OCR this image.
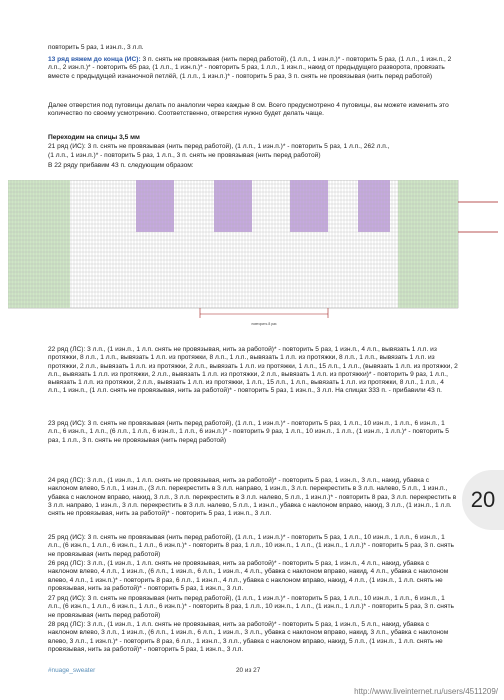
повторить 5 раз, 1 изн.п., 3 л.п.
13 ряд вяжем до конца (ИС): 3 п. снять не провязывая (нить перед работой), (1 л.п., 1 изн.п.)* - повторить 5 раз, (1 л.п., 1 изн.п., 2 л.п., 2 изн.п.)* - повторить 65 раз, (1 л.п., 1 изн.п.)* - повторить 5 раз, 1 л.п., 1 изн.п., накид от предыдущего разворота, провязать вместе с предыдущей изнаночной петлёй, (1 л.п., 1 изн.п.)* - повторить 5 раз, 3 п. снять не провязывая (нить перед работой)
Далее отверстия под пуговицы делать по аналогии через каждые 8 см. Всего предусмотрено 4 пуговицы, вы можете изменить это количество по своему усмотрению. Соответственно, отверстия нужно будет делать чаще.
Переходим на спицы 3,5 мм
21 ряд (ИС): 3 п. снять не провязывая (нить перед работой), (1 л.п., 1 изн.п.)* - повторить 5 раз, 1 л.п., 262 л.п.,
(1 л.п., 1 изн.п.)* - повторить 5 раз, 1 л.п., 3 п. снять не провязывая (нить перед работой)
В 22 ряду прибавим 43 п. следующим образом:
повторить 8 раз
22 ряд (ЛС): 3 л.п., (1 изн.п., 1 л.п. снять не провязывая, нить за работой)* - повторить 5 раз, 1 изн.п., 4 л.п., вывязать 1 л.п. из протяжки, 8 л.п., 1 л.п., вывязать 1 л.п. из протяжки, 8 л.п., 1 л.п., вывязать 1 л.п. из протяжки, 8 л.п., 1 л.п., вывязать 1 л.п. из протяжки, 2 л.п., вывязать 1 л.п. из протяжки, 2 л.п., вывязать 1 л.п. из протяжки, 1 л.п., 15 л.п., 1 л.п., (вывязать 1 л.п. из протяжки, 2 л.п., вывязать 1 л.п. из протяжки, 2 л.п., вывязать 1 л.п. из протяжки, 2 л.п., вывязать 1 л.п. из протяжки)* - повторить 9 раз, 1 л.п., вывязать 1 л.п. из протяжки, 2 л.п., вывязать 1 л.п. из протяжки, 1 л.п., 15 л.п., 1 л.п., вывязать 1 л.п. из протяжки, 8 л.п., 1 л.п., 4 л.п., 1 изн.п., (1 л.п. снять не провязывая, нить за работой)* - повторить 5 раз, 1 изн.п., 3 л.п. На спицах 333 п. - прибавили 43 п.
23 ряд (ИС): 3 п. снять не провязывая (нить перед работой), (1 л.п., 1 изн.п.)* - повторить 5 раз, 1 л.п., 10 изн.п., 1 л.п., 6 изн.п., 1 л.п., 6 изн.п., 1 л.п., (6 л.п., 1 л.п., 6 изн.п., 1 л.п., 6 изн.п.)* - повторить 9 раз, 1 л.п., 10 изн.п., 1 л.п., (1 изн.п., 1 л.п.)* - повторить 5 раз, 1 л.п., 3 п. снять не провязывая (нить перед работой)
24 ряд (ЛС): 3 л.п., (1 изн.п., 1 л.п. снять не провязывая, нить за работой)* - повторить 5 раз, 1 изн.п., 3 л.п., накид, убавка с наклоном влево, 5 л.п., 1 изн.п., (3 л.п. перекрестить в 3 л.п. направо, 1 изн.п., 3 л.п. перекрестить в 3 л.п. налево, 5 л.п., 1 изн.п., убавка с наклоном вправо, накид, 3 л.п., 3 л.п. перекрестить в 3 л.п. налево, 5 л.п., 1 изн.п.)* - повторить 8 раз, 3 л.п. перекрестить в 3 л.п. направо, 1 изн.п., 3 л.п. перекрестить в 3 л.п. налево, 5 л.п., 1 изн.п., убавка с наклоном вправо, накид, 3 л.п., (1 изн.п., 1 л.п. снять не провязывая, нить за работой)* - повторить 5 раз, 1 изн.п., 3 л.п.
25 ряд (ИС): 3 п. снять не провязывая (нить перед работой), (1 л.п., 1 изн.п.)* - повторить 5 раз, 1 л.п., 10 изн.п., 1 л.п., 6 изн.п., 1 л.п., (6 изн.п., 1 л.п., 6 изн.п., 1 л.п., 6 изн.п.)* - повторить 8 раз, 1 л.п., 10 изн.п., 1 л.п., (1 изн.п., 1 л.п.)* - повторить 5 раз, 3 п. снять не провязывая (нить перед работой)
26 ряд (ЛС): 3 л.п., (1 изн.п., 1 л.п. снять не провязывая, нить за работой)* - повторить 5 раз, 1 изн.п., 4 л.п., накид, убавка с наклоном влево, 4 л.п., 1 изн.п., (6 л.п., 1 изн.п., 6 л.п., 1 изн.п., 4 л.п., убавка с наклоном вправо, накид, 4 л.п., убавка с наклоном влево, 4 л.п., 1 изн.п.)* - повторить 8 раз, 6 л.п., 1 изн.п., 4 л.п., убавка с наклоном вправо, накид, 4 л.п., (1 изн.п., 1 л.п. снять не провязывая, нить за работой)* - повторить 5 раз, 1 изн.п., 3 л.п.
27 ряд (ИС): 3 п. снять не провязывая (нить перед работой), (1 л.п., 1 изн.п.)* - повторить 5 раз, 1 л.п., 10 изн.п., 1 л.п., 6 изн.п., 1 л.п., (6 изн.п., 1 л.п., 6 изн.п., 1 л.п., 6 изн.п.)* - повторить 8 раз, 1 л.п., 10 изн.п., 1 л.п., (1 изн.п., 1 л.п.)* - повторить 5 раз, 3 п. снять не провязывая (нить перед работой)
28 ряд (ЛС): 3 л.п., (1 изн.п., 1 л.п. снять не провязывая, нить за работой)* - повторить 5 раз, 1 изн.п., 5 л.п., накид, убавка с наклоном влево, 3 л.п., 1 изн.п., (6 л.п., 1 изн.п., 6 л.п., 1 изн.п., 3 л.п., убавка с наклоном вправо, накид, 3 л.п., убавка с наклоном влево, 3 л.п., 1 изн.п.)* - повторить 8 раз, 6 л.п., 1 изн.п., 3 л.п., убавка с наклоном вправо, накид, 5 л.п., (1 изн.п., 1 л.п. снять не провязывая, нить за работой)* - повторить 5 раз, 1 изн.п., 3 л.п.
#nuage_sweater	20 из 27
20
http://www.liveinternet.ru/users/4511209/
